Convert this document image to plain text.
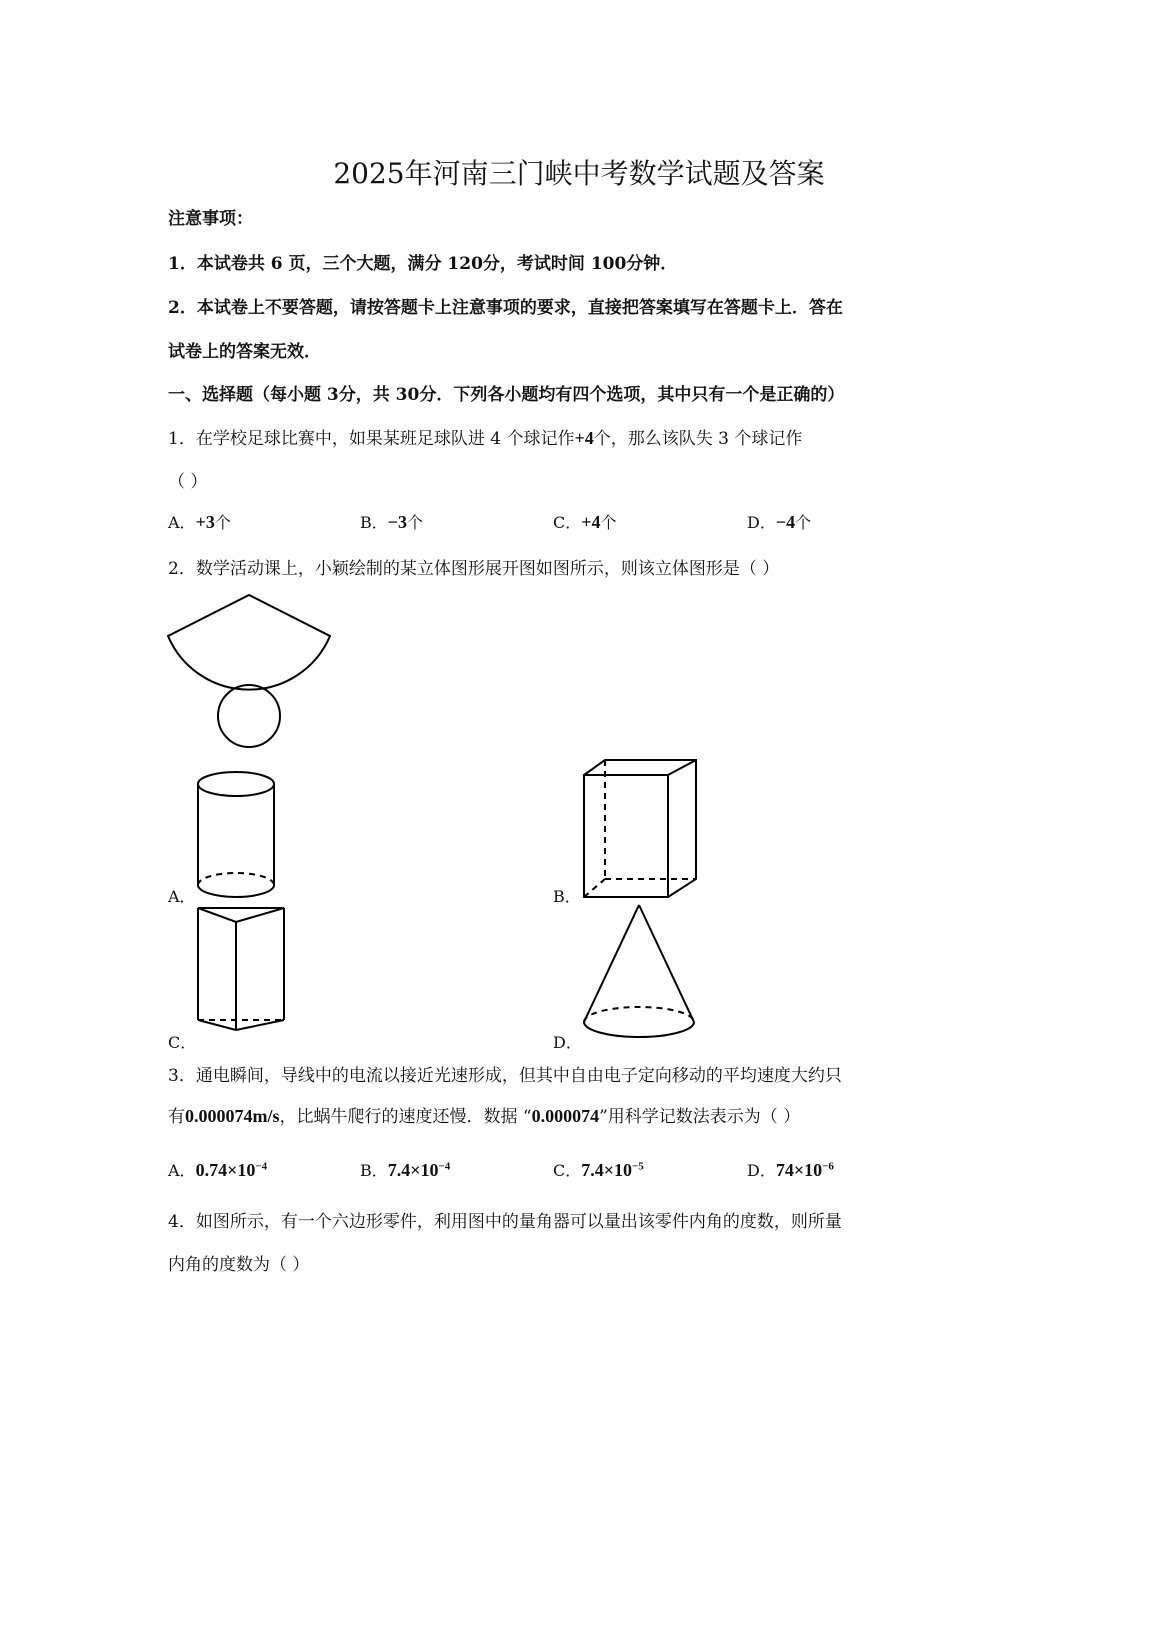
2025年河南三门峡中考数学试题及答案
注意事项：
1．本试卷共 6 页，三个大题，满分 120分，考试时间 100分钟．
2．本试卷上不要答题，请按答题卡上注意事项的要求，直接把答案填写在答题卡上．答在
试卷上的答案无效．
一、选择题（每小题 3分，共 30分．下列各小题均有四个选项，其中只有一个是正确的）
1．在学校足球比赛中，如果某班足球队进 4 个球记作+4个，那么该队失 3 个球记作
（ ）
A．+3个	B．−3个	C．+4个	D．−4个
2．数学活动课上，小颖绘制的某立体图形展开图如图所示，则该立体图形是（ ）
A．	B．
C．	D．
3．通电瞬间，导线中的电流以接近光速形成，但其中自由电子定向移动的平均速度大约只
有0.000074m/s，比蜗牛爬行的速度还慢．数据 “0.000074”用科学记数法表示为（ ）
A．$0.74\times 10^{-4}$	B．$7.4\times 10^{-4}$	C．$7.4\times 10^{-5}$	D．$74\times 10^{-6}$
4．如图所示，有一个六边形零件，利用图中的量角器可以量出该零件内角的度数，则所量
内角的度数为（ ）
